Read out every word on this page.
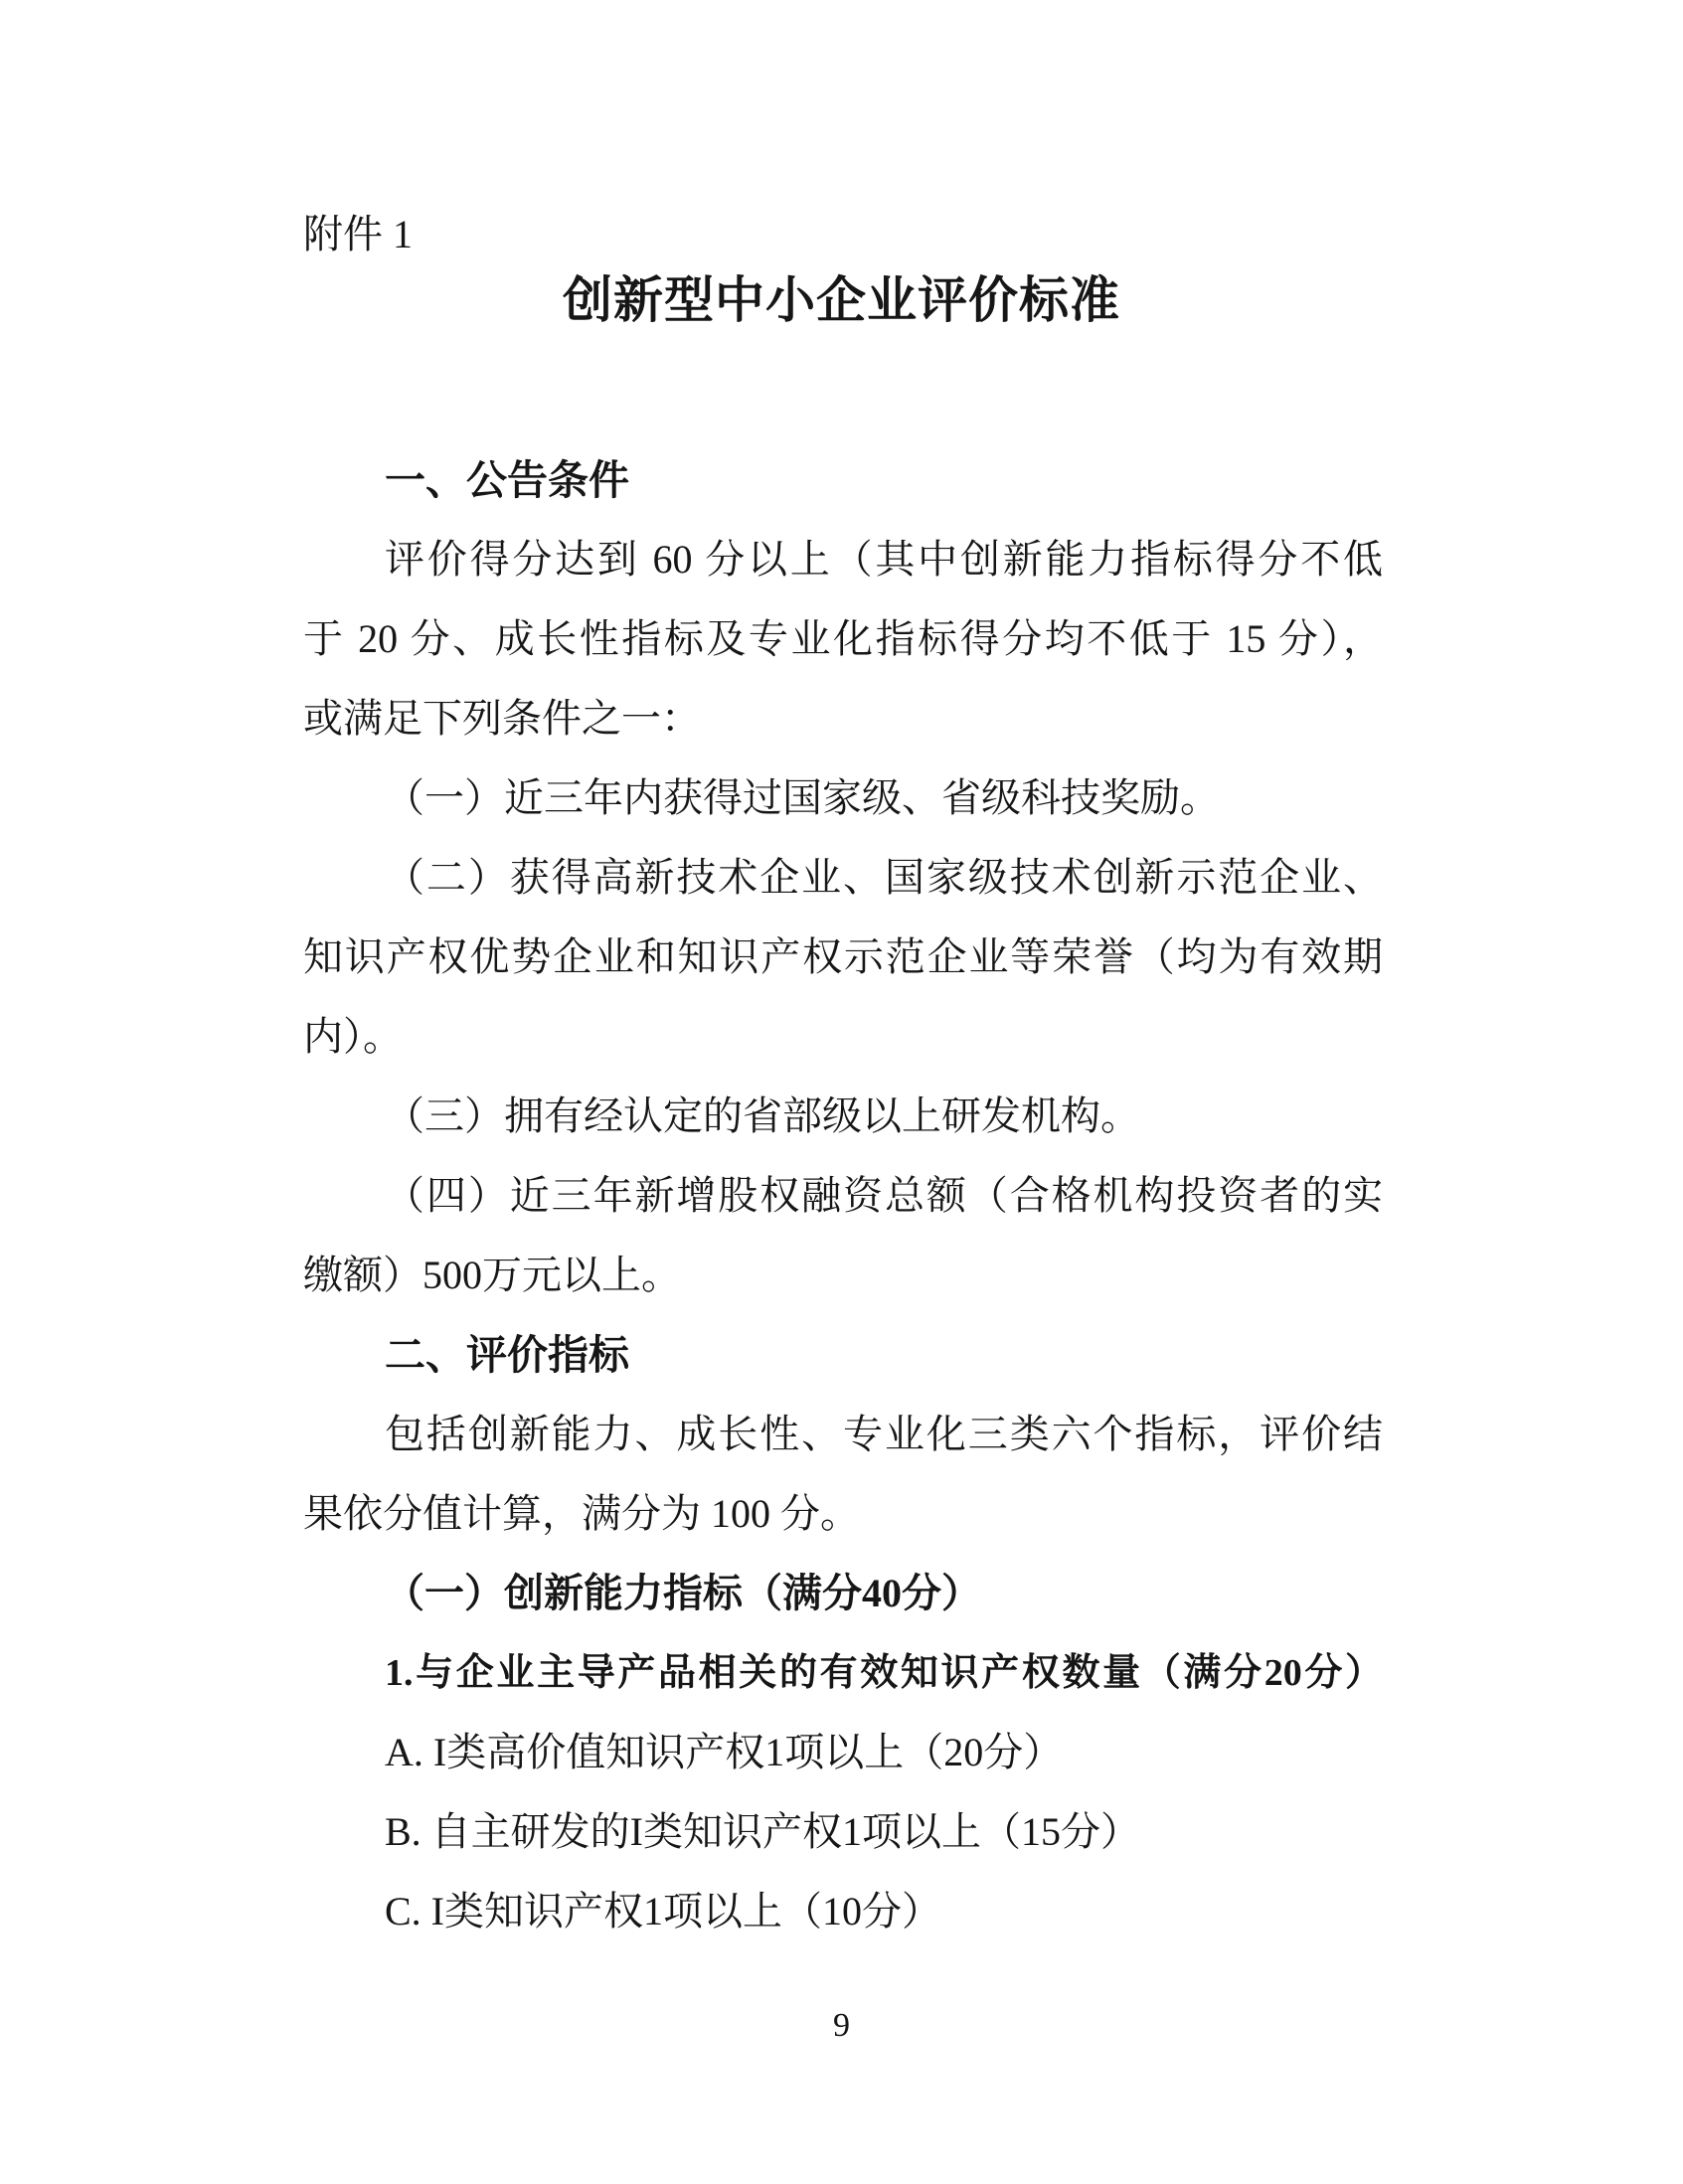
附件 1
创新型中小企业评价标准
一、公告条件
评价得分达到 60 分以上（其中创新能力指标得分不低
于 20 分、成长性指标及专业化指标得分均不低于 15 分），
或满足下列条件之一：
（一）近三年内获得过国家级、省级科技奖励。
（二）获得高新技术企业、国家级技术创新示范企业、
知识产权优势企业和知识产权示范企业等荣誉（均为有效期
内）。
（三）拥有经认定的省部级以上研发机构。
（四）近三年新增股权融资总额（合格机构投资者的实
缴额）500万元以上。
二、评价指标
包括创新能力、成长性、专业化三类六个指标，评价结
果依分值计算，满分为 100 分。
（一）创新能力指标（满分40分）
1.与企业主导产品相关的有效知识产权数量（满分20分）
A. I类高价值知识产权1项以上（20分）
B. 自主研发的I类知识产权1项以上（15分）
C. I类知识产权1项以上（10分）
9
